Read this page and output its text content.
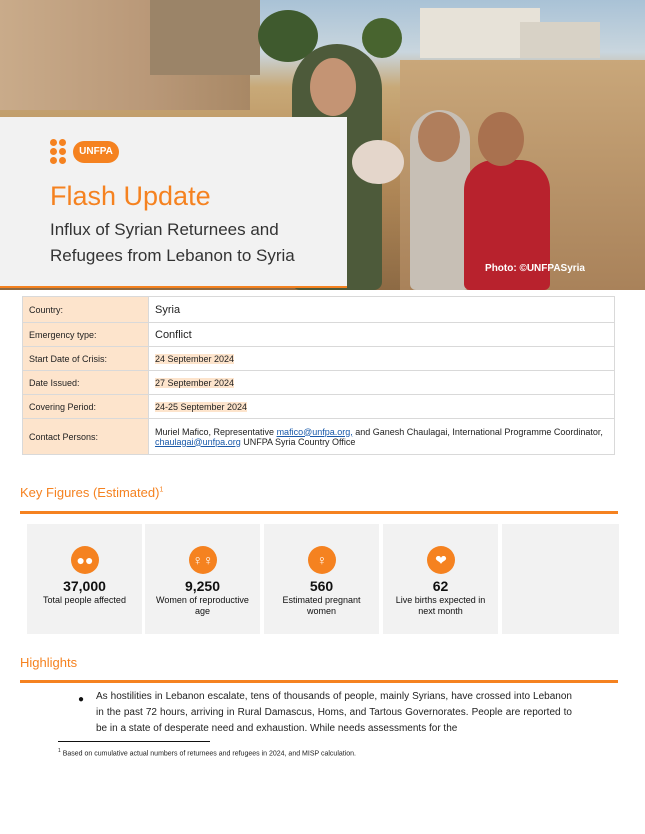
Photo: ©UNFPASyria
UNFPA
Flash Update
Influx of Syrian Returnees and Refugees from Lebanon to Syria
Country:	Syria
Emergency type:	Conflict
Start Date of Crisis:	24 September 2024
Date Issued:	27 September 2024
Covering Period:	24-25 September 2024
Contact Persons:	Muriel Mafico, Representative mafico@unfpa.org, and Ganesh Chaulagai, International Programme Coordinator, chaulagai@unfpa.org UNFPA Syria Country Office
Key Figures (Estimated)$^1$
●●
37,000
Total people affected
♀♀
9,250
Women of reproductive age
♀
560
Estimated pregnant women
❤
62
Live births expected in next month
Highlights
● As hostilities in Lebanon escalate, tens of thousands of people, mainly Syrians, have crossed into Lebanon in the past 72 hours, arriving in Rural Damascus, Homs, and Tartous Governorates. People are reported to be in a state of desperate need and exhaustion. While needs assessments for the
$^1$ Based on cumulative actual numbers of returnees and refugees in 2024, and MISP calculation.
